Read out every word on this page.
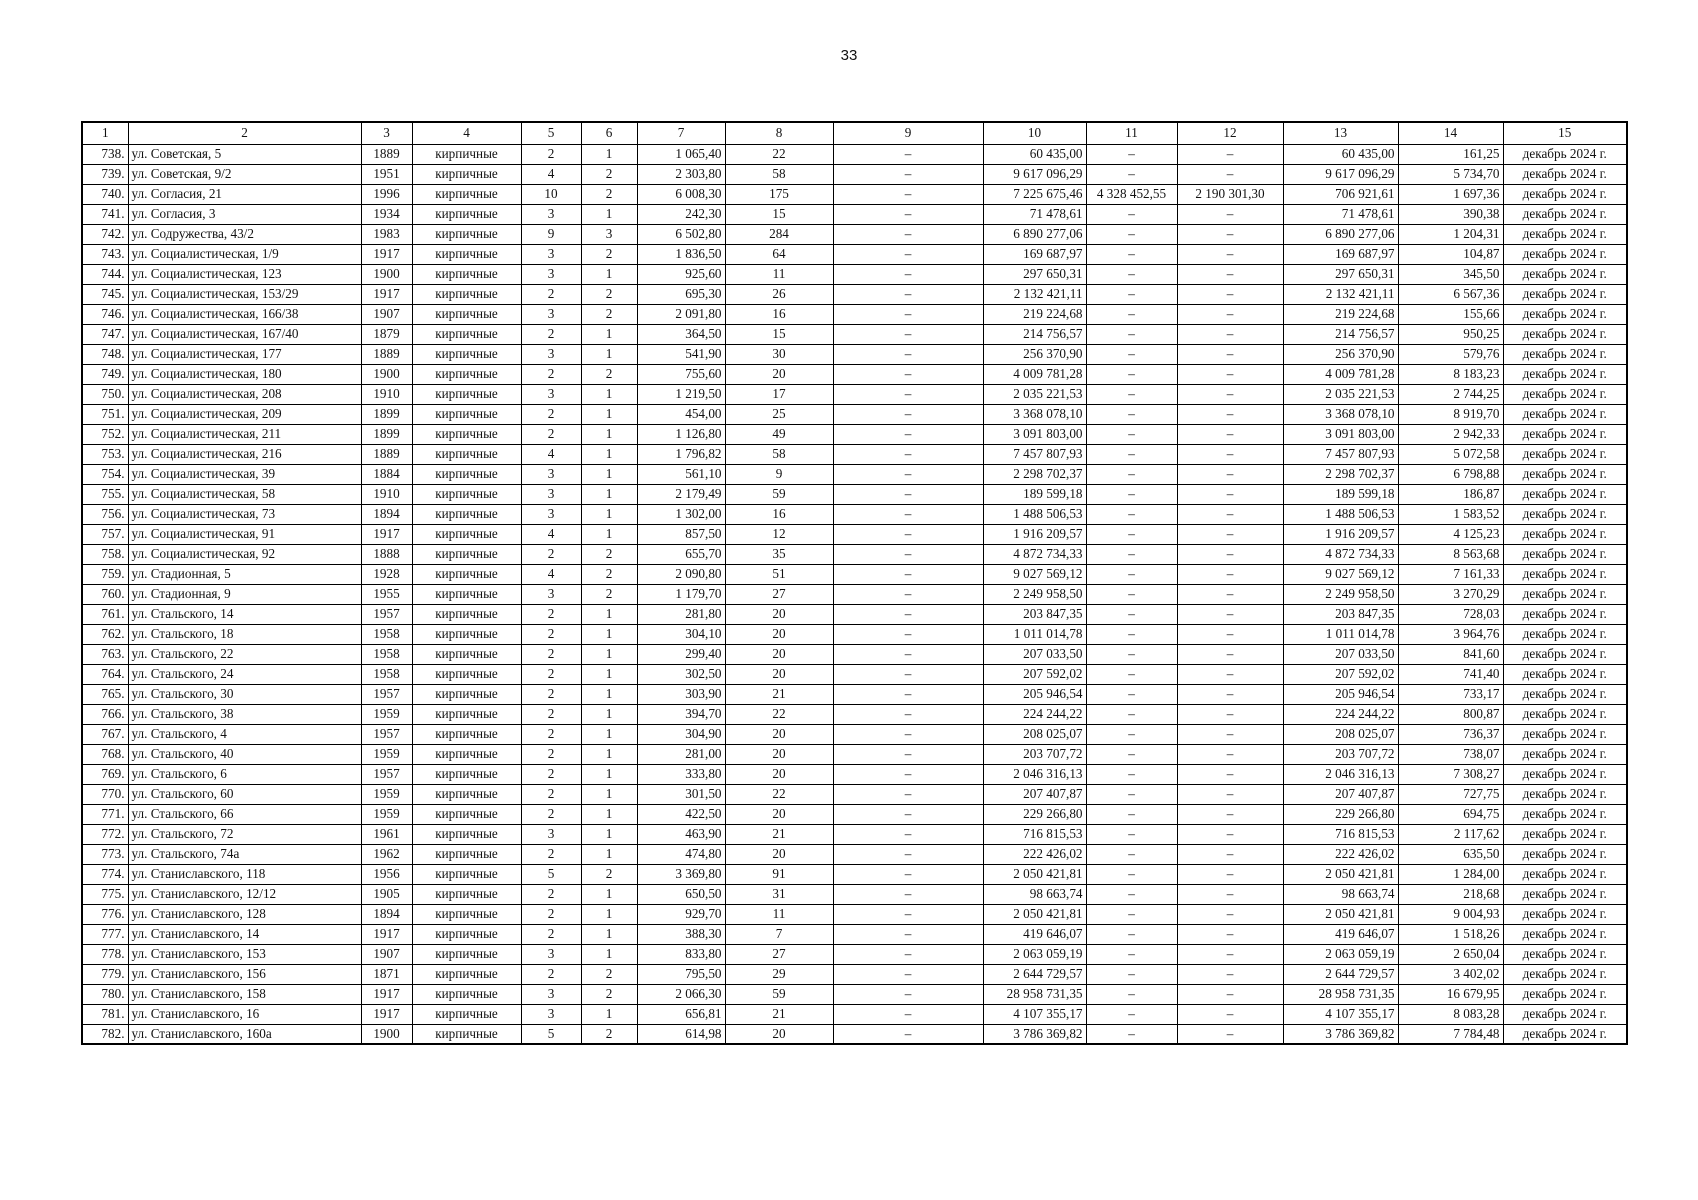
33
1	2	3	4	5	6	7	8	9	10	11	12	13	14	15
738.	ул. Советская, 5	1889	кирпичные	2	1	1 065,40	22	–	60 435,00	–	–	60 435,00	161,25	декабрь 2024 г.
739.	ул. Советская, 9/2	1951	кирпичные	4	2	2 303,80	58	–	9 617 096,29	–	–	9 617 096,29	5 734,70	декабрь 2024 г.
740.	ул. Согласия, 21	1996	кирпичные	10	2	6 008,30	175	–	7 225 675,46	4 328 452,55	2 190 301,30	706 921,61	1 697,36	декабрь 2024 г.
741.	ул. Согласия, 3	1934	кирпичные	3	1	242,30	15	–	71 478,61	–	–	71 478,61	390,38	декабрь 2024 г.
742.	ул. Содружества, 43/2	1983	кирпичные	9	3	6 502,80	284	–	6 890 277,06	–	–	6 890 277,06	1 204,31	декабрь 2024 г.
743.	ул. Социалистическая, 1/9	1917	кирпичные	3	2	1 836,50	64	–	169 687,97	–	–	169 687,97	104,87	декабрь 2024 г.
744.	ул. Социалистическая, 123	1900	кирпичные	3	1	925,60	11	–	297 650,31	–	–	297 650,31	345,50	декабрь 2024 г.
745.	ул. Социалистическая, 153/29	1917	кирпичные	2	2	695,30	26	–	2 132 421,11	–	–	2 132 421,11	6 567,36	декабрь 2024 г.
746.	ул. Социалистическая, 166/38	1907	кирпичные	3	2	2 091,80	16	–	219 224,68	–	–	219 224,68	155,66	декабрь 2024 г.
747.	ул. Социалистическая, 167/40	1879	кирпичные	2	1	364,50	15	–	214 756,57	–	–	214 756,57	950,25	декабрь 2024 г.
748.	ул. Социалистическая, 177	1889	кирпичные	3	1	541,90	30	–	256 370,90	–	–	256 370,90	579,76	декабрь 2024 г.
749.	ул. Социалистическая, 180	1900	кирпичные	2	2	755,60	20	–	4 009 781,28	–	–	4 009 781,28	8 183,23	декабрь 2024 г.
750.	ул. Социалистическая, 208	1910	кирпичные	3	1	1 219,50	17	–	2 035 221,53	–	–	2 035 221,53	2 744,25	декабрь 2024 г.
751.	ул. Социалистическая, 209	1899	кирпичные	2	1	454,00	25	–	3 368 078,10	–	–	3 368 078,10	8 919,70	декабрь 2024 г.
752.	ул. Социалистическая, 211	1899	кирпичные	2	1	1 126,80	49	–	3 091 803,00	–	–	3 091 803,00	2 942,33	декабрь 2024 г.
753.	ул. Социалистическая, 216	1889	кирпичные	4	1	1 796,82	58	–	7 457 807,93	–	–	7 457 807,93	5 072,58	декабрь 2024 г.
754.	ул. Социалистическая, 39	1884	кирпичные	3	1	561,10	9	–	2 298 702,37	–	–	2 298 702,37	6 798,88	декабрь 2024 г.
755.	ул. Социалистическая, 58	1910	кирпичные	3	1	2 179,49	59	–	189 599,18	–	–	189 599,18	186,87	декабрь 2024 г.
756.	ул. Социалистическая, 73	1894	кирпичные	3	1	1 302,00	16	–	1 488 506,53	–	–	1 488 506,53	1 583,52	декабрь 2024 г.
757.	ул. Социалистическая, 91	1917	кирпичные	4	1	857,50	12	–	1 916 209,57	–	–	1 916 209,57	4 125,23	декабрь 2024 г.
758.	ул. Социалистическая, 92	1888	кирпичные	2	2	655,70	35	–	4 872 734,33	–	–	4 872 734,33	8 563,68	декабрь 2024 г.
759.	ул. Стадионная, 5	1928	кирпичные	4	2	2 090,80	51	–	9 027 569,12	–	–	9 027 569,12	7 161,33	декабрь 2024 г.
760.	ул. Стадионная, 9	1955	кирпичные	3	2	1 179,70	27	–	2 249 958,50	–	–	2 249 958,50	3 270,29	декабрь 2024 г.
761.	ул. Стальского, 14	1957	кирпичные	2	1	281,80	20	–	203 847,35	–	–	203 847,35	728,03	декабрь 2024 г.
762.	ул. Стальского, 18	1958	кирпичные	2	1	304,10	20	–	1 011 014,78	–	–	1 011 014,78	3 964,76	декабрь 2024 г.
763.	ул. Стальского, 22	1958	кирпичные	2	1	299,40	20	–	207 033,50	–	–	207 033,50	841,60	декабрь 2024 г.
764.	ул. Стальского, 24	1958	кирпичные	2	1	302,50	20	–	207 592,02	–	–	207 592,02	741,40	декабрь 2024 г.
765.	ул. Стальского, 30	1957	кирпичные	2	1	303,90	21	–	205 946,54	–	–	205 946,54	733,17	декабрь 2024 г.
766.	ул. Стальского, 38	1959	кирпичные	2	1	394,70	22	–	224 244,22	–	–	224 244,22	800,87	декабрь 2024 г.
767.	ул. Стальского, 4	1957	кирпичные	2	1	304,90	20	–	208 025,07	–	–	208 025,07	736,37	декабрь 2024 г.
768.	ул. Стальского, 40	1959	кирпичные	2	1	281,00	20	–	203 707,72	–	–	203 707,72	738,07	декабрь 2024 г.
769.	ул. Стальского, 6	1957	кирпичные	2	1	333,80	20	–	2 046 316,13	–	–	2 046 316,13	7 308,27	декабрь 2024 г.
770.	ул. Стальского, 60	1959	кирпичные	2	1	301,50	22	–	207 407,87	–	–	207 407,87	727,75	декабрь 2024 г.
771.	ул. Стальского, 66	1959	кирпичные	2	1	422,50	20	–	229 266,80	–	–	229 266,80	694,75	декабрь 2024 г.
772.	ул. Стальского, 72	1961	кирпичные	3	1	463,90	21	–	716 815,53	–	–	716 815,53	2 117,62	декабрь 2024 г.
773.	ул. Стальского, 74а	1962	кирпичные	2	1	474,80	20	–	222 426,02	–	–	222 426,02	635,50	декабрь 2024 г.
774.	ул. Станиславского, 118	1956	кирпичные	5	2	3 369,80	91	–	2 050 421,81	–	–	2 050 421,81	1 284,00	декабрь 2024 г.
775.	ул. Станиславского, 12/12	1905	кирпичные	2	1	650,50	31	–	98 663,74	–	–	98 663,74	218,68	декабрь 2024 г.
776.	ул. Станиславского, 128	1894	кирпичные	2	1	929,70	11	–	2 050 421,81	–	–	2 050 421,81	9 004,93	декабрь 2024 г.
777.	ул. Станиславского, 14	1917	кирпичные	2	1	388,30	7	–	419 646,07	–	–	419 646,07	1 518,26	декабрь 2024 г.
778.	ул. Станиславского, 153	1907	кирпичные	3	1	833,80	27	–	2 063 059,19	–	–	2 063 059,19	2 650,04	декабрь 2024 г.
779.	ул. Станиславского, 156	1871	кирпичные	2	2	795,50	29	–	2 644 729,57	–	–	2 644 729,57	3 402,02	декабрь 2024 г.
780.	ул. Станиславского, 158	1917	кирпичные	3	2	2 066,30	59	–	28 958 731,35	–	–	28 958 731,35	16 679,95	декабрь 2024 г.
781.	ул. Станиславского, 16	1917	кирпичные	3	1	656,81	21	–	4 107 355,17	–	–	4 107 355,17	8 083,28	декабрь 2024 г.
782.	ул. Станиславского, 160а	1900	кирпичные	5	2	614,98	20	–	3 786 369,82	–	–	3 786 369,82	7 784,48	декабрь 2024 г.
